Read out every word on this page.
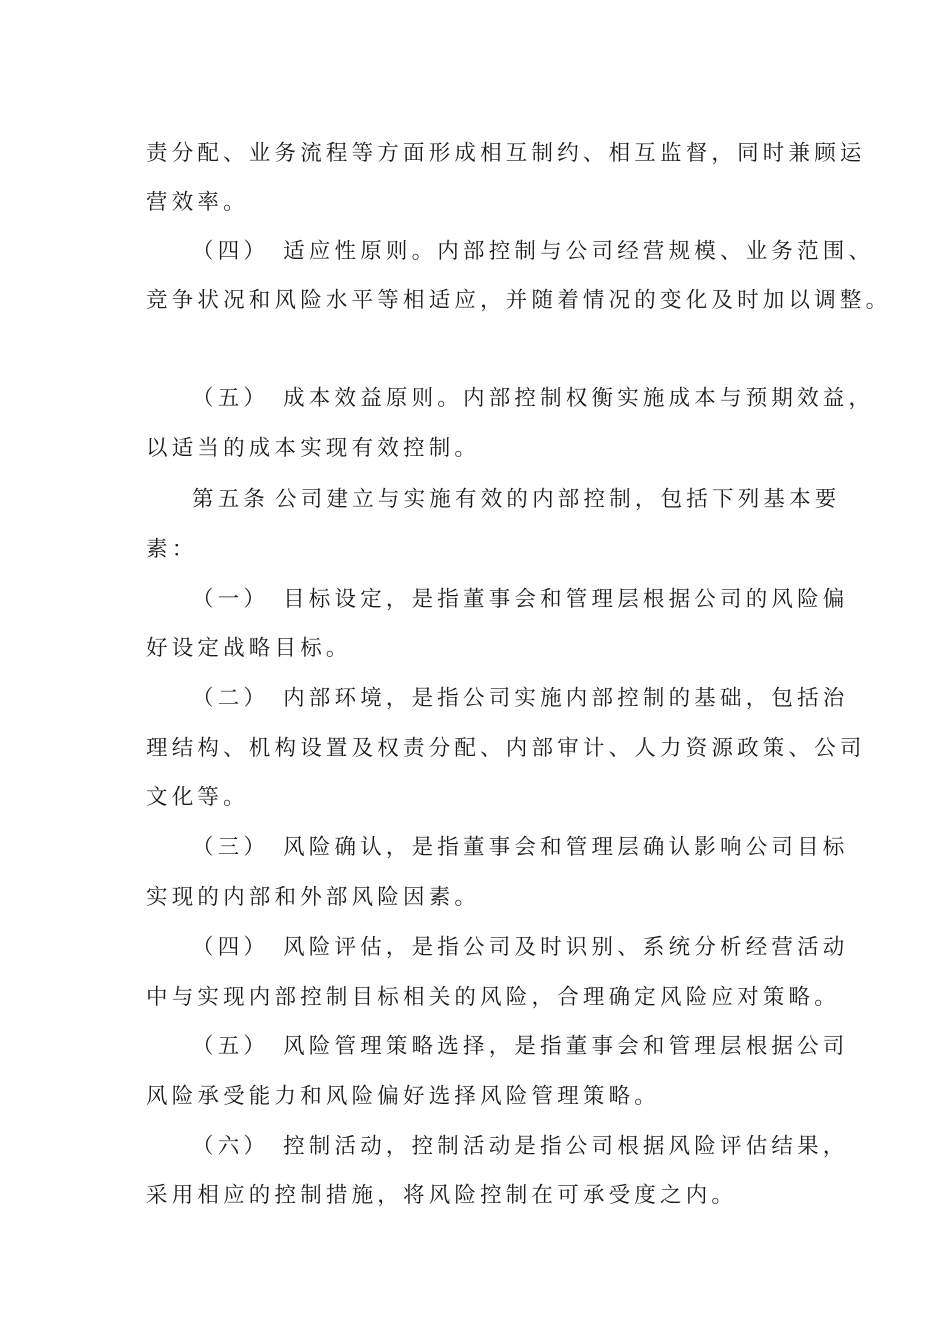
责分配、业务流程等方面形成相互制约、相互监督，同时兼顾运
营效率。
（四） 适应性原则。内部控制与公司经营规模、业务范围、
竞争状况和风险水平等相适应，并随着情况的变化及时加以调整。
（五） 成本效益原则。内部控制权衡实施成本与预期效益，
以适当的成本实现有效控制。
第五条 公司建立与实施有效的内部控制，包括下列基本要
素：
（一） 目标设定，是指董事会和管理层根据公司的风险偏
好设定战略目标。
（二） 内部环境，是指公司实施内部控制的基础，包括治
理结构、机构设置及权责分配、内部审计、人力资源政策、公司
文化等。
（三） 风险确认，是指董事会和管理层确认影响公司目标
实现的内部和外部风险因素。
（四） 风险评估，是指公司及时识别、系统分析经营活动
中与实现内部控制目标相关的风险，合理确定风险应对策略。
（五） 风险管理策略选择，是指董事会和管理层根据公司
风险承受能力和风险偏好选择风险管理策略。
（六） 控制活动，控制活动是指公司根据风险评估结果，
采用相应的控制措施，将风险控制在可承受度之内。
